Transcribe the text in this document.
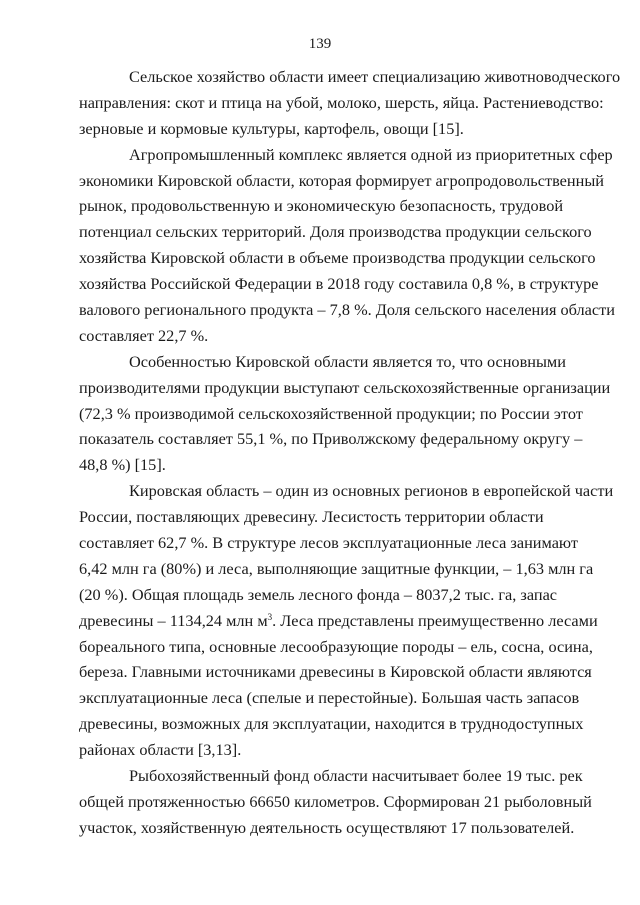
139
Сельское хозяйство области имеет специализацию животноводческого
направления: скот и птица на убой, молоко, шерсть, яйца. Растениеводство:
зерновые и кормовые культуры, картофель, овощи [15].
Агропромышленный комплекс является одной из приоритетных сфер
экономики Кировской области, которая формирует агропродовольственный
рынок, продовольственную и экономическую безопасность, трудовой
потенциал сельских территорий. Доля производства продукции сельского
хозяйства Кировской области в объеме производства продукции сельского
хозяйства Российской Федерации в 2018 году составила 0,8 %, в структуре
валового регионального продукта – 7,8 %. Доля сельского населения области
составляет 22,7 %.
Особенностью Кировской области является то, что основными
производителями продукции выступают сельскохозяйственные организации
(72,3 % производимой сельскохозяйственной продукции; по России этот
показатель составляет 55,1 %, по Приволжскому федеральному округу –
48,8 %) [15].
Кировская область – один из основных регионов в европейской части
России, поставляющих древесину. Лесистость территории области
составляет 62,7 %. В структуре лесов эксплуатационные леса занимают
6,42 млн га (80%) и леса, выполняющие защитные функции, – 1,63 млн га
(20 %). Общая площадь земель лесного фонда – 8037,2 тыс. га, запас
древесины – 1134,24 млн $м^3$. Леса представлены преимущественно лесами
бореального типа, основные лесообразующие породы – ель, сосна, осина,
береза. Главными источниками древесины в Кировской области являются
эксплуатационные леса (спелые и перестойные). Большая часть запасов
древесины, возможных для эксплуатации, находится в труднодоступных
районах области [3,13].
Рыбохозяйственный фонд области насчитывает более 19 тыс. рек
общей протяженностью 66650 километров. Сформирован 21 рыболовный
участок, хозяйственную деятельность осуществляют 17 пользователей.
